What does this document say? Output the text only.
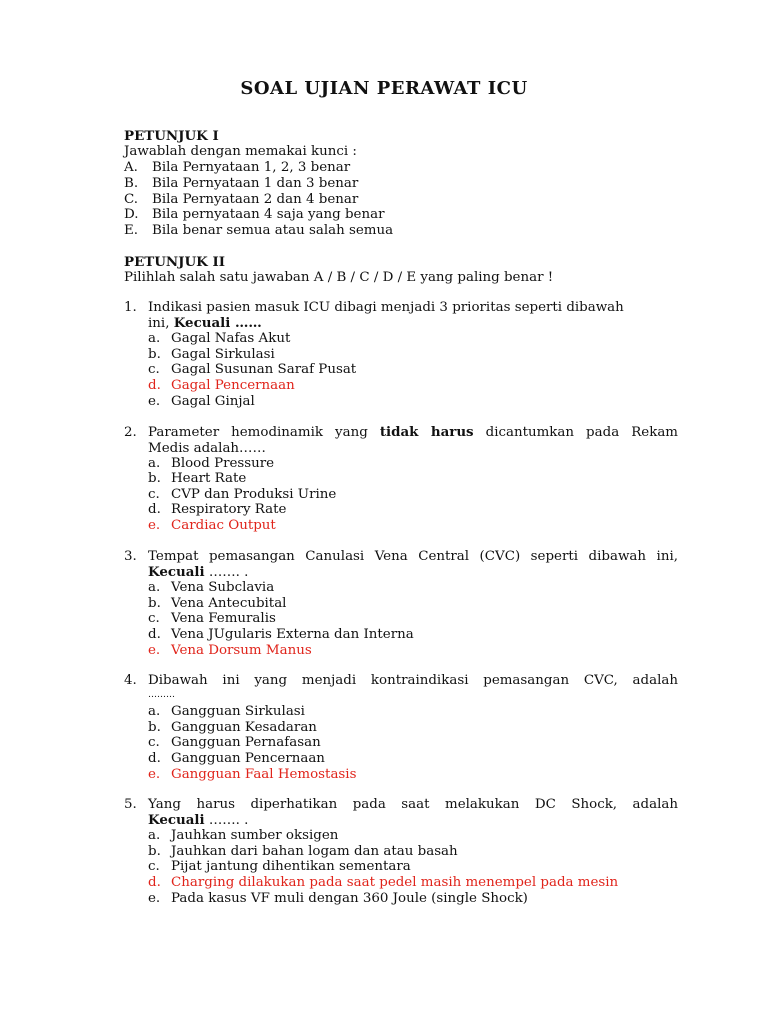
SOAL UJIAN PERAWAT ICU
PETUNJUK I
Jawablah dengan memakai kunci :
A. Bila Pernyataan 1, 2, 3 benar
B. Bila Pernyataan 1 dan 3 benar
C. Bila Pernyataan 2 dan 4 benar
D. Bila pernyataan 4 saja yang benar
E. Bila benar semua atau salah semua
PETUNJUK II
Pilihlah salah satu jawaban A / B / C / D / E yang paling benar !
1. Indikasi pasien masuk ICU dibagi menjadi 3 prioritas seperti dibawah
ini, Kecuali ……
a. Gagal Nafas Akut
b. Gagal Sirkulasi
c. Gagal Susunan Saraf Pusat
d. Gagal Pencernaan
e. Gagal Ginjal
2. Parameter hemodinamik yang tidak harus dicantumkan pada Rekam
Medis adalah……
a. Blood Pressure
b. Heart Rate
c. CVP dan Produksi Urine
d. Respiratory Rate
e. Cardiac Output
3. Tempat pemasangan Canulasi Vena Central (CVC) seperti dibawah ini,
Kecuali ……. .
a. Vena Subclavia
b. Vena Antecubital
c. Vena Femuralis
d. Vena JUgularis Externa dan Interna
e. Vena Dorsum Manus
4. Dibawah ini yang menjadi kontraindikasi pemasangan CVC, adalah
………
a. Gangguan Sirkulasi
b. Gangguan Kesadaran
c. Gangguan Pernafasan
d. Gangguan Pencernaan
e. Gangguan Faal Hemostasis
5. Yang harus diperhatikan pada saat melakukan DC Shock, adalah
Kecuali ……. .
a. Jauhkan sumber oksigen
b. Jauhkan dari bahan logam dan atau basah
c. Pijat jantung dihentikan sementara
d. Charging dilakukan pada saat pedel masih menempel pada mesin
e. Pada kasus VF muli dengan 360 Joule (single Shock)
